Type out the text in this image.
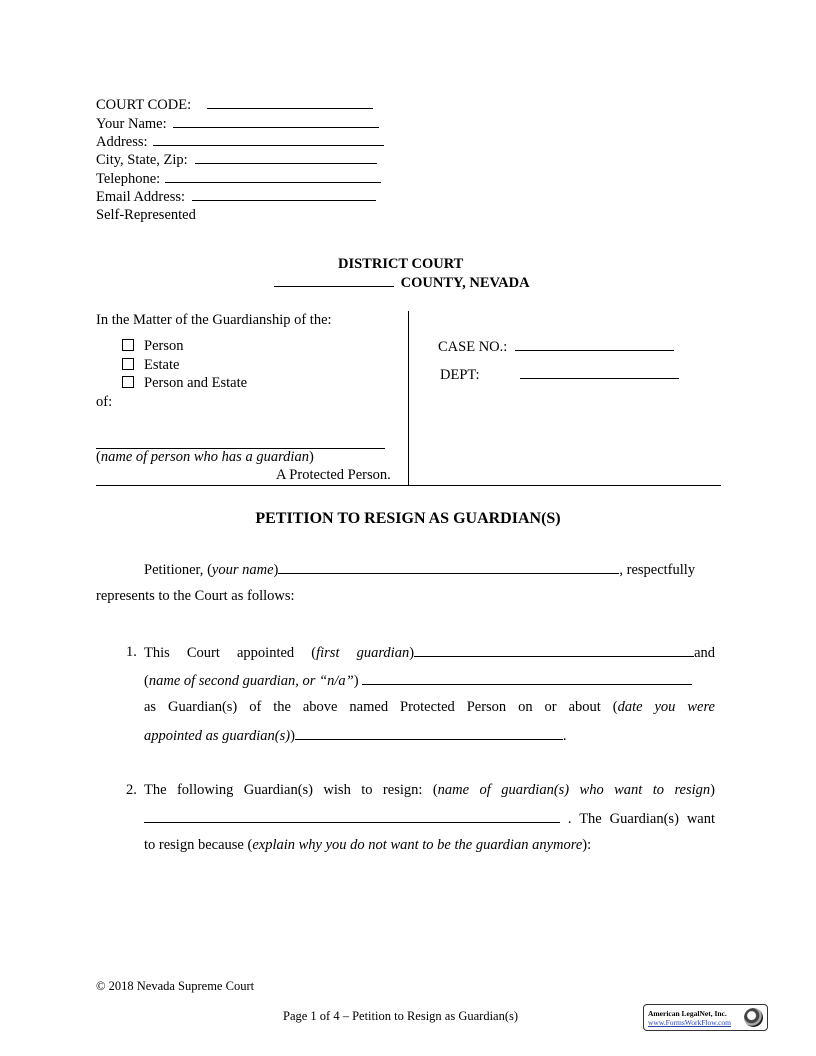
COURT CODE:
Your Name:
Address:
City, State, Zip:
Telephone:
Email Address:
Self-Represented
DISTRICT COURT
COUNTY, NEVADA
In the Matter of the Guardianship of the:
Person
Estate
Person and Estate
of:
(name of person who has a guardian)
A Protected Person.
CASE NO.:
DEPT:
PETITION TO RESIGN AS GUARDIAN(S)
Petitioner, (your name)	, respectfully
represents to the Court as follows:
1. This Court appointed (first guardian)	and
(name of second guardian, or “n/a”)
as Guardian(s) of the above named Protected Person on or about (date you were
appointed as guardian(s))	.
2. The following Guardian(s) wish to resign: (name of guardian(s) who want to resign)
. The Guardian(s) want
to resign because (explain why you do not want to be the guardian anymore):
© 2018 Nevada Supreme Court
Page 1 of 4 – Petition to Resign as Guardian(s)	American LegalNet, Inc.
www.FormsWorkFlow.com
